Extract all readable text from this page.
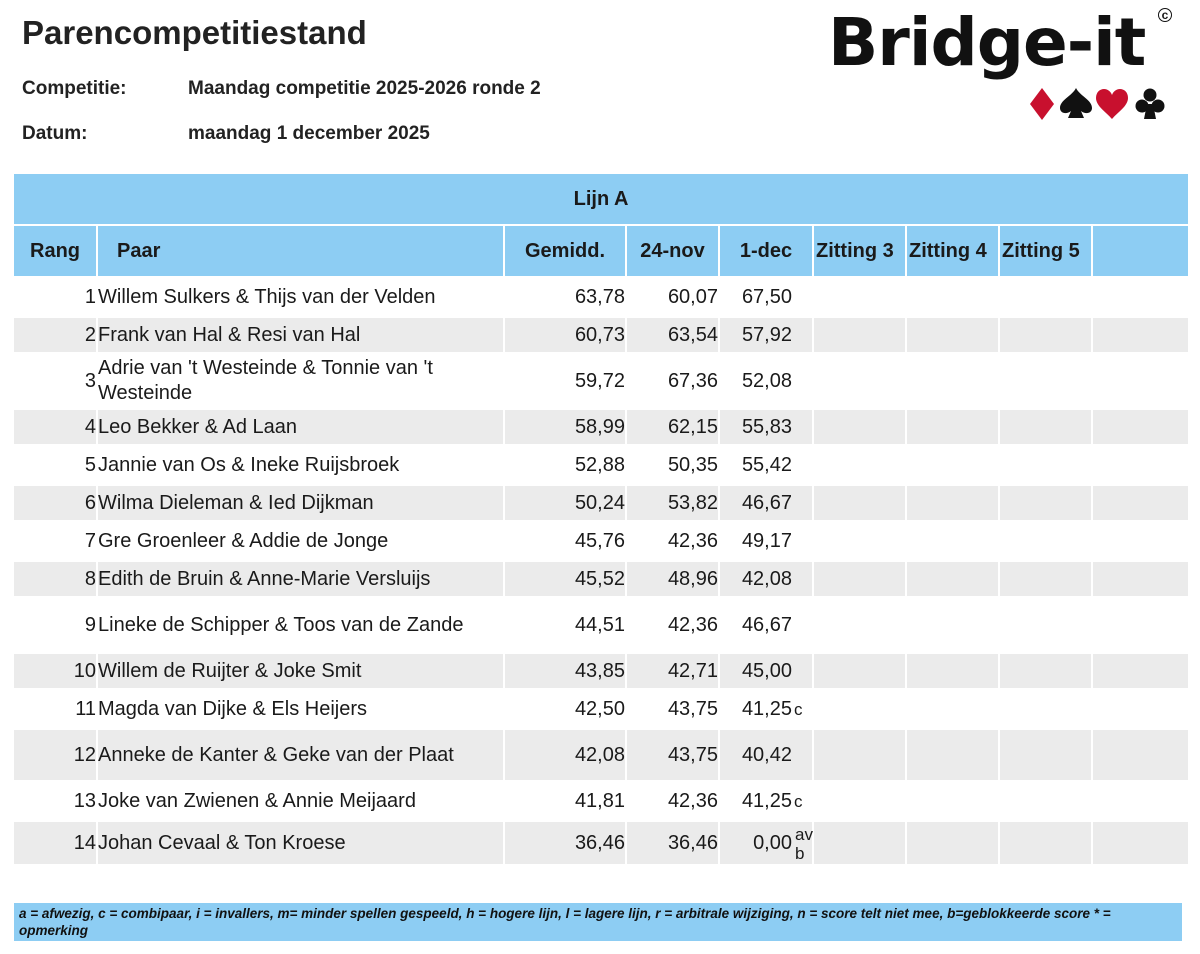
Parencompetitiestand
Competitie:	Maandag competitie 2025-2026 ronde 2
Datum:	maandag 1 december 2025
Bridge-it	c
Lijn A								
Rang	Paar	Gemidd.	24-nov	1-dec	Zitting 3	Zitting 4	Zitting 5	
1	Willem Sulkers & Thijs van der Velden	63,78	60,07	67,50				
2	Frank van Hal & Resi van Hal	60,73	63,54	57,92				
3	Adrie van 't Westeinde & Tonnie van 't Westeinde	59,72	67,36	52,08				
4	Leo Bekker & Ad Laan	58,99	62,15	55,83				
5	Jannie van Os & Ineke Ruijsbroek	52,88	50,35	55,42				
6	Wilma Dieleman & Ied Dijkman	50,24	53,82	46,67				
7	Gre Groenleer & Addie de Jonge	45,76	42,36	49,17				
8	Edith de Bruin & Anne-Marie Versluijs	45,52	48,96	42,08				
9	Lineke de Schipper & Toos van de Zande	44,51	42,36	46,67				
10	Willem de Ruijter & Joke Smit	43,85	42,71	45,00				
11	Magda van Dijke & Els Heijers	42,50	43,75	41,25 c				
12	Anneke de Kanter & Geke van der Plaat	42,08	43,75	40,42				
13	Joke van Zwienen & Annie Meijaard	41,81	42,36	41,25 c				
14	Johan Cevaal & Ton Kroese	36,46	36,46	0,00 av b				

a = afwezig, c = combipaar, i = invallers, m= minder spellen gespeeld, h = hogere lijn, l = lagere lijn, r = arbitrale wijziging, n = score telt niet mee, b=geblokkeerde score * = opmerking
